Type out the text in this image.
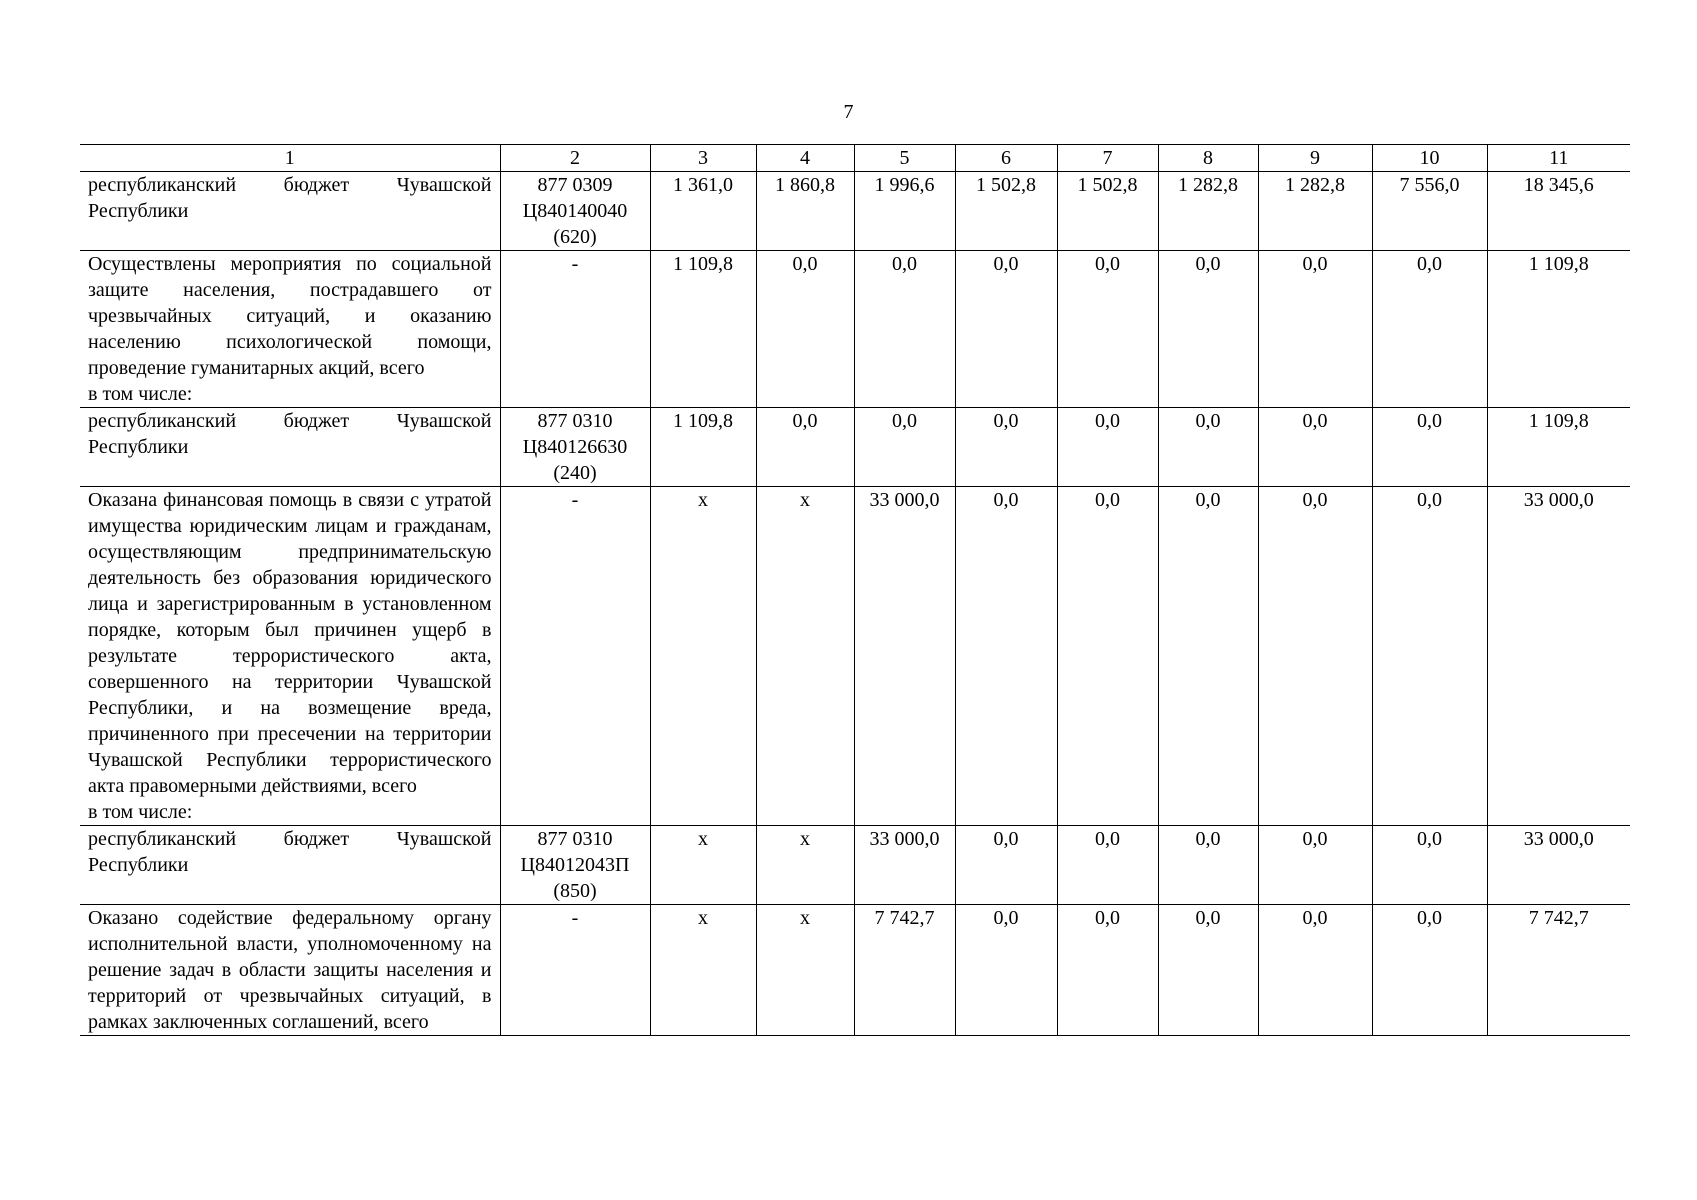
7
1	2	3	4	5	6	7	8	9	10	11
республиканский бюджет Чувашской Республики	877 0309
Ц840140040
(620)	1 361,0	1 860,8	1 996,6	1 502,8	1 502,8	1 282,8	1 282,8	7 556,0	18 345,6
Осуществлены мероприятия по социальной защите населения, пострадавшего от чрезвычайных ситуаций, и оказанию населению психологической помощи, проведение гуманитарных акций, всего
в том числе:	-	1 109,8	0,0	0,0	0,0	0,0	0,0	0,0	0,0	1 109,8
республиканский бюджет Чувашской Республики	877 0310
Ц840126630
(240)	1 109,8	0,0	0,0	0,0	0,0	0,0	0,0	0,0	1 109,8
Оказана финансовая помощь в связи с утратой имущества юридическим лицам и гражданам, осуществляющим предпринимательскую деятельность без образования юридического лица и зарегистрированным в установленном порядке, которым был причинен ущерб в результате террористического акта, совершенного на территории Чувашской Республики, и на возмещение вреда, причиненного при пресечении на территории Чувашской Республики террористического акта правомерными действиями, всего
в том числе:	-	х	х	33 000,0	0,0	0,0	0,0	0,0	0,0	33 000,0
республиканский бюджет Чувашской Республики	877 0310
Ц84012043П
(850)	х	х	33 000,0	0,0	0,0	0,0	0,0	0,0	33 000,0
Оказано содействие федеральному органу исполнительной власти, уполномоченному на решение задач в области защиты населения и территорий от чрезвычайных ситуаций, в рамках заключенных соглашений, всего	-	х	х	7 742,7	0,0	0,0	0,0	0,0	0,0	7 742,7
